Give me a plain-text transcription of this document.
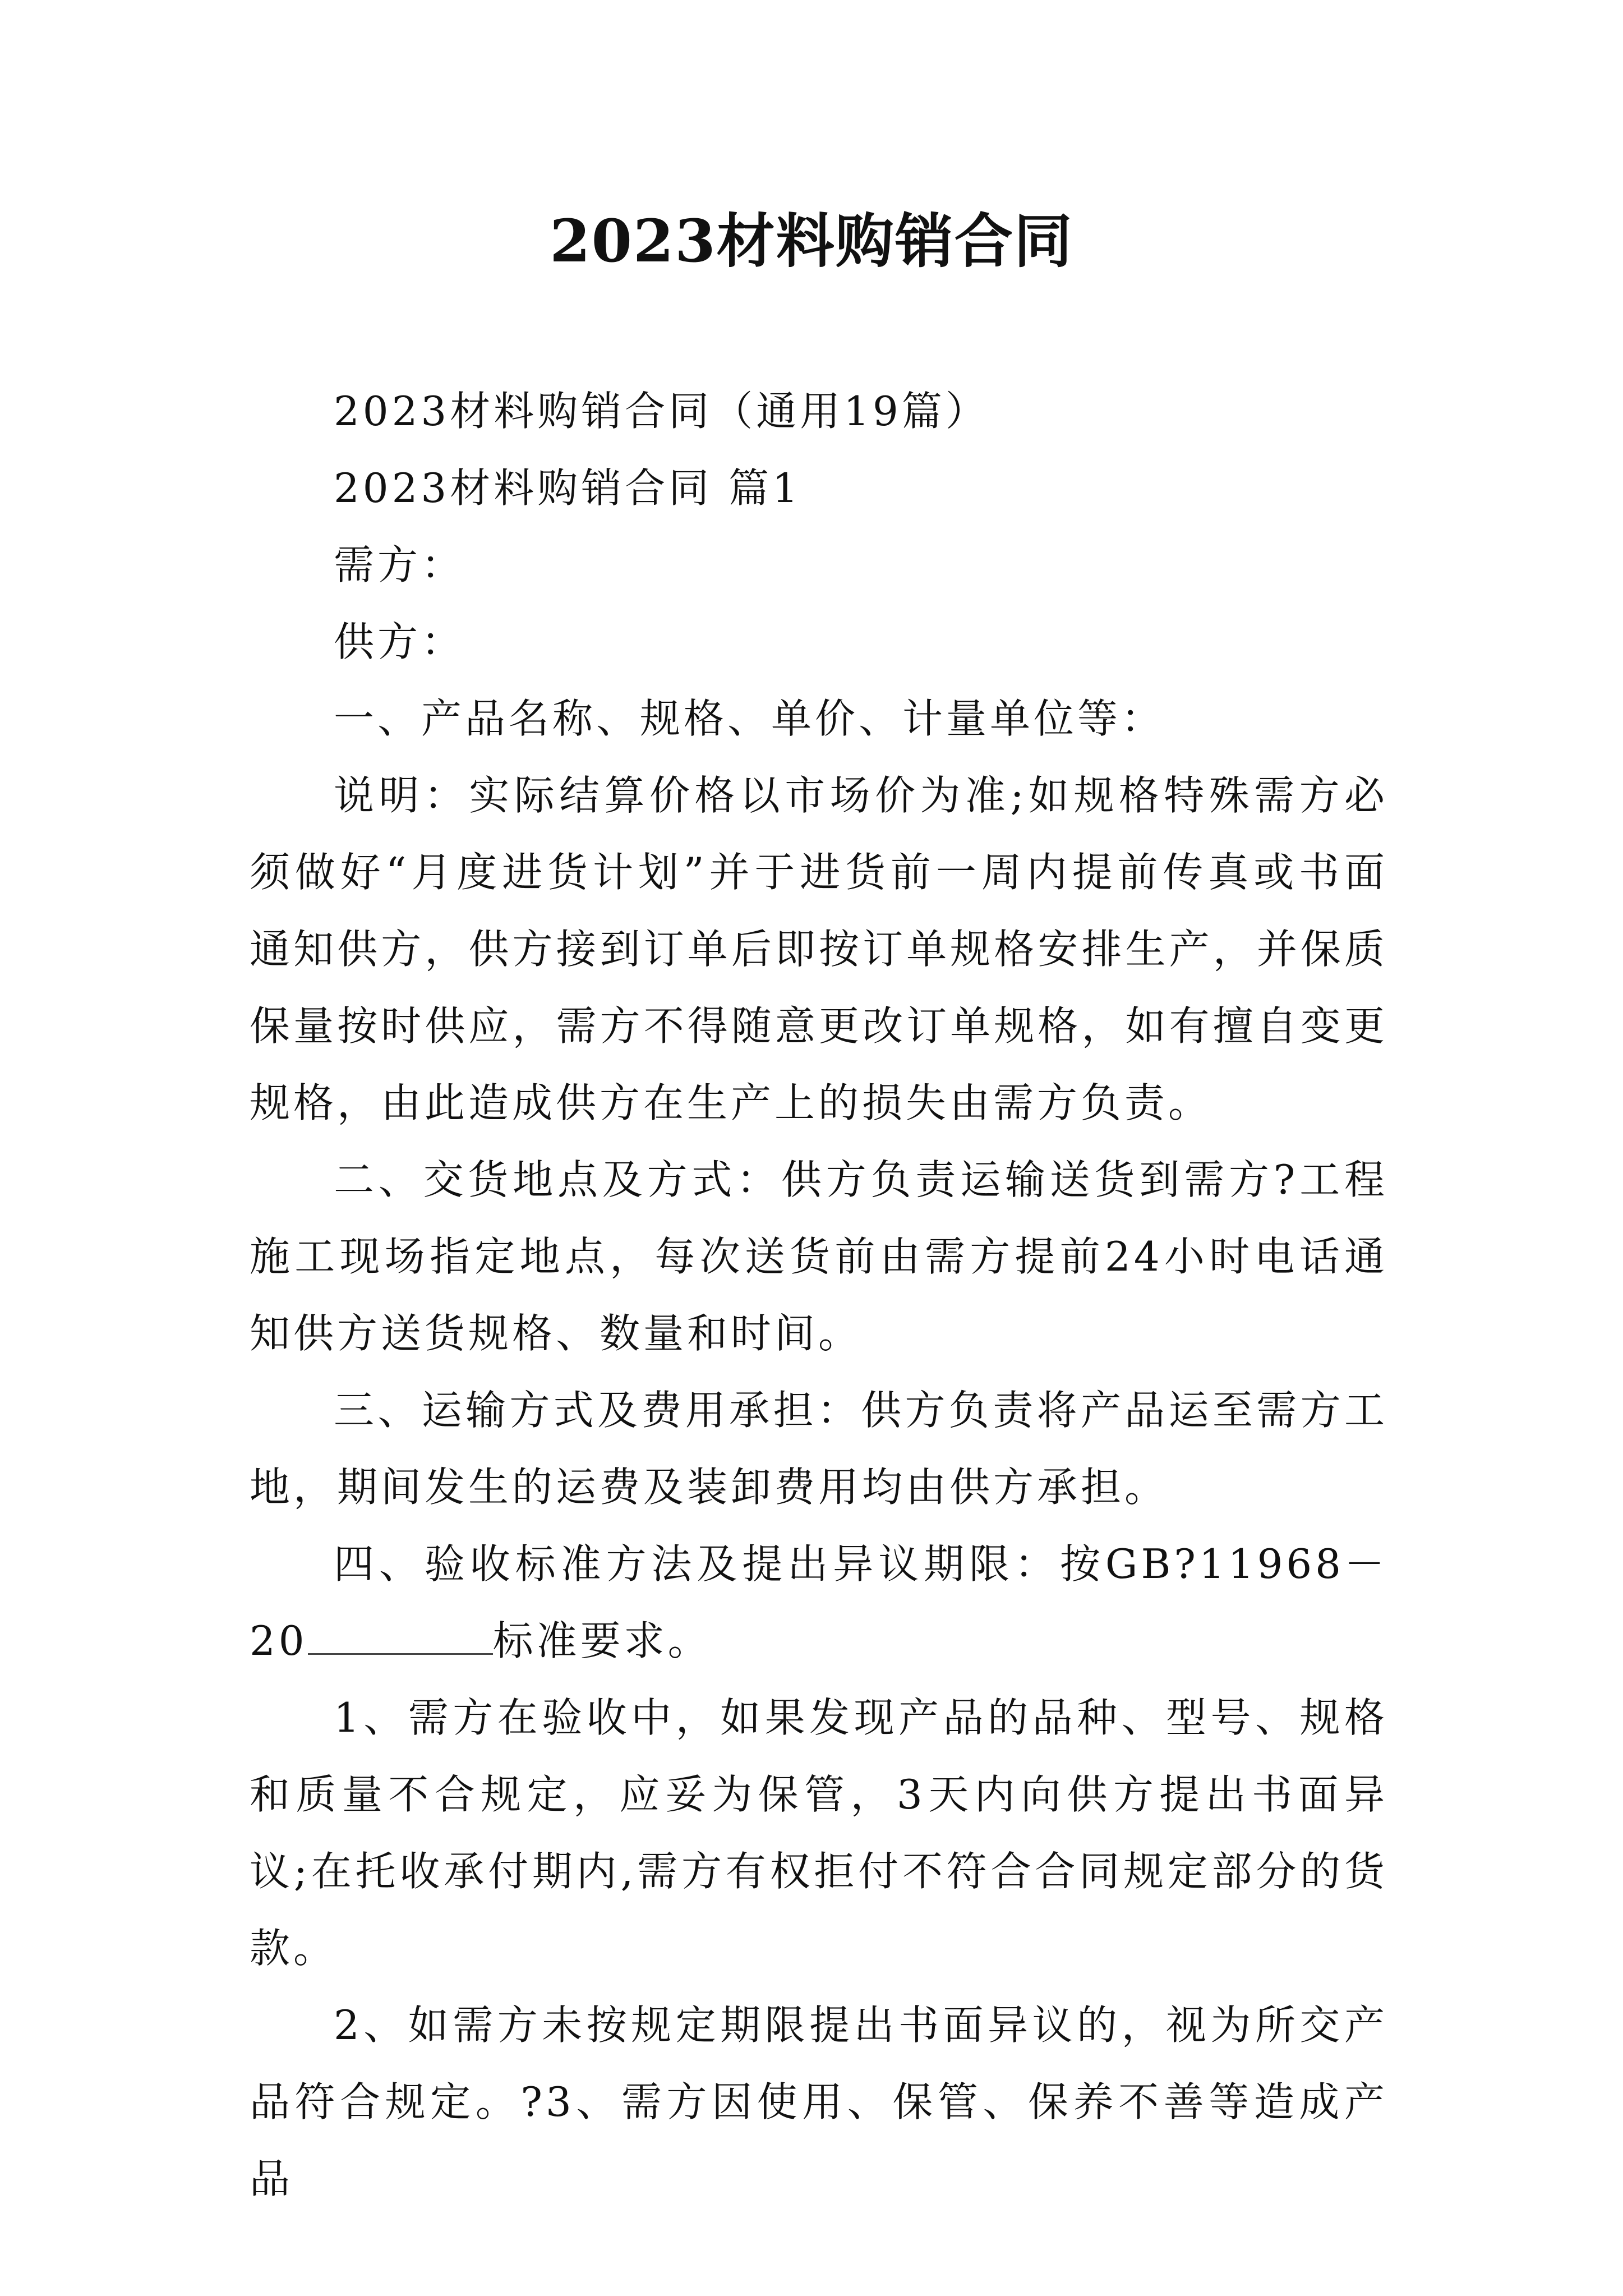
2023材料购销合同

2023材料购销合同（通用19篇）

2023材料购销合同 篇1

需方：

供方：

一、产品名称、规格、单价、计量单位等：

说明：实际结算价格以市场价为准;如规格特殊需方必须做好“月度进货计划”并于进货前一周内提前传真或书面通知供方，供方接到订单后即按订单规格安排生产，并保质保量按时供应，需方不得随意更改订单规格，如有擅自变更规格，由此造成供方在生产上的损失由需方负责。

二、交货地点及方式：供方负责运输送货到需方?工程施工现场指定地点，每次送货前由需方提前24小时电话通知供方送货规格、数量和时间。

三、运输方式及费用承担：供方负责将产品运至需方工地，期间发生的运费及装卸费用均由供方承担。

四、验收标准方法及提出异议期限：按GB?11968－20	标准要求。

1、需方在验收中，如果发现产品的品种、型号、规格和质量不合规定，应妥为保管，3天内向供方提出书面异议;在托收承付期内,需方有权拒付不符合合同规定部分的货款。

2、如需方未按规定期限提出书面异议的，视为所交产品符合规定。?3、需方因使用、保管、保养不善等造成产品
